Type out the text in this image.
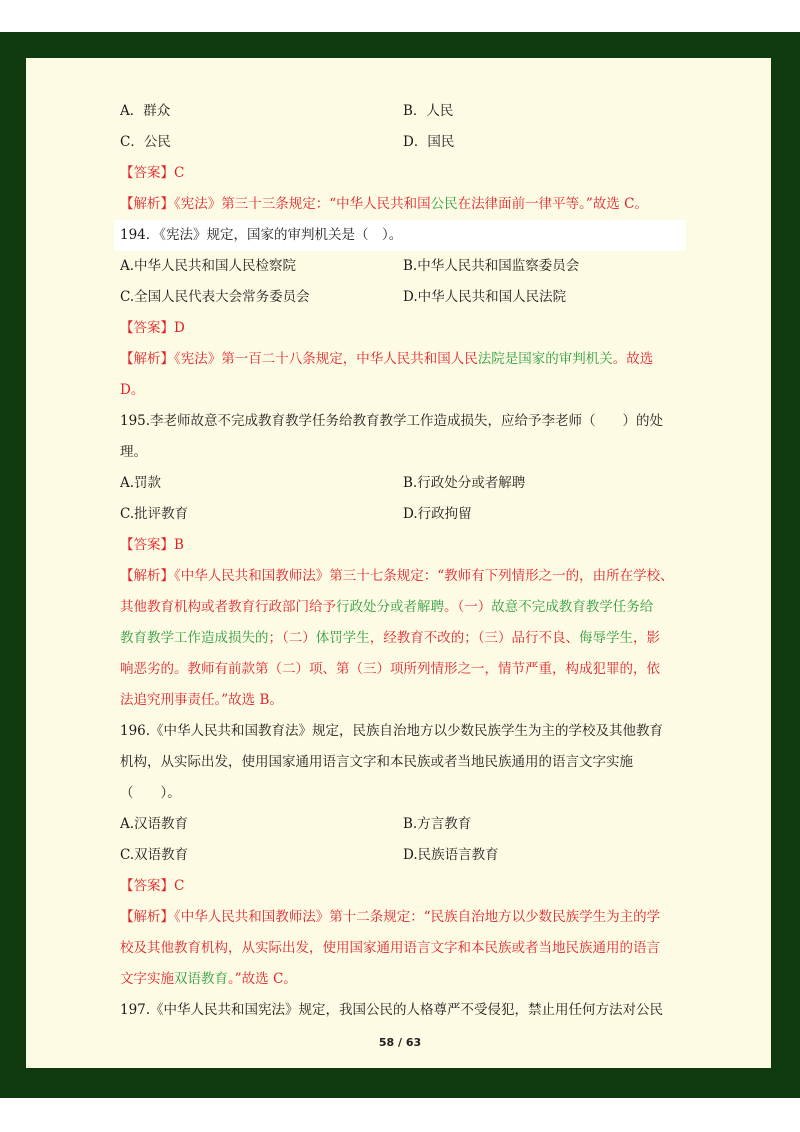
A．群众	B．人民
C．公民	D．国民
【答案】C
【解析】《宪法》第三十三条规定：“中华人民共和国公民在法律面前一律平等。”故选 C。
194．《宪法》规定，国家的审判机关是（　）。
A.中华人民共和国人民检察院	B.中华人民共和国监察委员会
C.全国人民代表大会常务委员会	D.中华人民共和国人民法院
【答案】D
【解析】《宪法》第一百二十八条规定，中华人民共和国人民法院是国家的审判机关。故选
D。
195.李老师故意不完成教育教学任务给教育教学工作造成损失，应给予李老师（　　）的处
理。
A.罚款	B.行政处分或者解聘
C.批评教育	D.行政拘留
【答案】B
【解析】《中华人民共和国教师法》第三十七条规定：“教师有下列情形之一的，由所在学校、
其他教育机构或者教育行政部门给予行政处分或者解聘。（一）故意不完成教育教学任务给
教育教学工作造成损失的；（二）体罚学生，经教育不改的；（三）品行不良、侮辱学生，影
响恶劣的。教师有前款第（二）项、第（三）项所列情形之一，情节严重，构成犯罪的，依
法追究刑事责任。”故选 B。
196.《中华人民共和国教育法》规定，民族自治地方以少数民族学生为主的学校及其他教育
机构，从实际出发，使用国家通用语言文字和本民族或者当地民族通用的语言文字实施
（　　）。
A.汉语教育	B.方言教育
C.双语教育	D.民族语言教育
【答案】C
【解析】《中华人民共和国教师法》第十二条规定：“民族自治地方以少数民族学生为主的学
校及其他教育机构，从实际出发，使用国家通用语言文字和本民族或者当地民族通用的语言
文字实施双语教育。”故选 C。
197.《中华人民共和国宪法》规定，我国公民的人格尊严不受侵犯，禁止用任何方法对公民
58 / 63
